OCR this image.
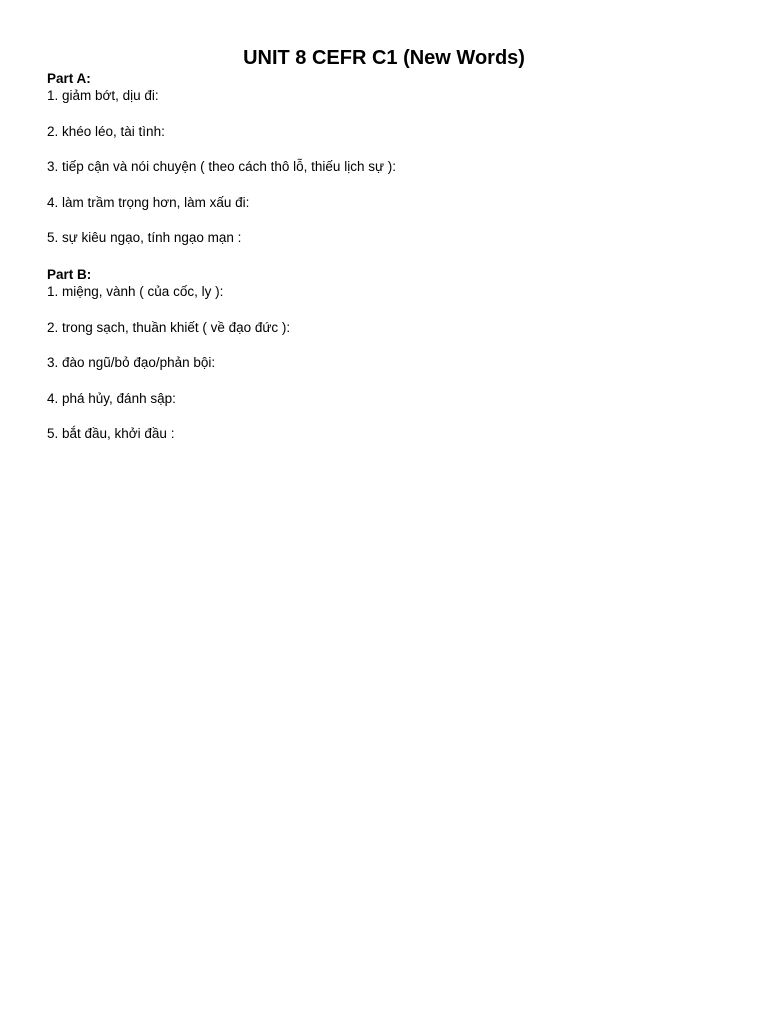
UNIT 8 CEFR C1 (New Words)
Part A:
1. giảm bớt, dịu đi:
2. khéo léo, tài tình:
3. tiếp cận và nói chuyện ( theo cách thô lỗ, thiếu lịch sự ):
4. làm trầm trọng hơn, làm xấu đi:
5. sự kiêu ngạo, tính ngạo mạn :
Part B:
1. miệng, vành ( của cốc, ly ):
2. trong sạch, thuần khiết ( về đạo đức ):
3. đào ngũ/bỏ đạo/phản bội:
4. phá hủy, đánh sập:
5. bắt đầu, khởi đầu :
